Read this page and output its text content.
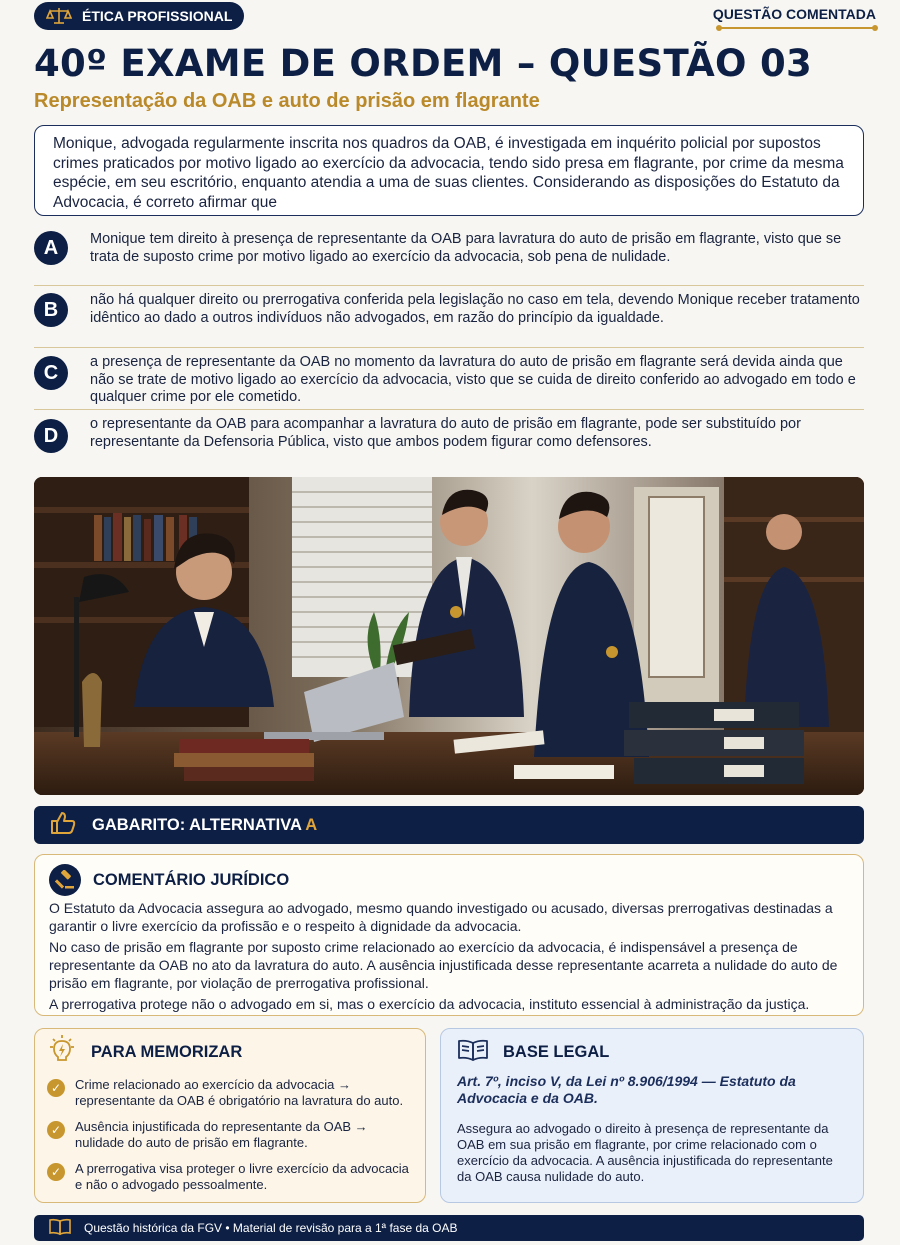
ÉTICA PROFISSIONAL	QUESTÃO COMENTADA
40º EXAME DE ORDEM – QUESTÃO 03
Representação da OAB e auto de prisão em flagrante
Monique, advogada regularmente inscrita nos quadros da OAB, é investigada em inquérito policial por supostos crimes praticados por motivo ligado ao exercício da advocacia, tendo sido presa em flagrante, por crime da mesma espécie, em seu escritório, enquanto atendia a uma de suas clientes. Considerando as disposições do Estatuto da Advocacia, é correto afirmar que
A	Monique tem direito à presença de representante da OAB para lavratura do auto de prisão em flagrante, visto que se trata de suposto crime por motivo ligado ao exercício da advocacia, sob pena de nulidade.
B	não há qualquer direito ou prerrogativa conferida pela legislação no caso em tela, devendo Monique receber tratamento idêntico ao dado a outros indivíduos não advogados, em razão do princípio da igualdade.
C	a presença de representante da OAB no momento da lavratura do auto de prisão em flagrante será devida ainda que não se trate de motivo ligado ao exercício da advocacia, visto que se cuida de direito conferido ao advogado em todo e qualquer crime por ele cometido.
D
o representante da OAB para acompanhar a lavratura do auto de prisão em flagrante, pode ser substituído por representante da Defensoria Pública, visto que ambos podem figurar como defensores.
GABARITO: ALTERNATIVA A
COMENTÁRIO JURÍDICO

O Estatuto da Advocacia assegura ao advogado, mesmo quando investigado ou acusado, diversas prerrogativas destinadas a garantir o livre exercício da profissão e o respeito à dignidade da advocacia.

No caso de prisão em flagrante por suposto crime relacionado ao exercício da advocacia, é indispensável a presença de representante da OAB no ato da lavratura do auto. A ausência injustificada desse representante acarreta a nulidade do auto de prisão em flagrante, por violação de prerrogativa profissional.

A prerrogativa protege não o advogado em si, mas o exercício da advocacia, instituto essencial à administração da justiça.

PARA MEMORIZAR
✓	Crime relacionado ao exercício da advocacia → representante da OAB é obrigatório na lavratura do auto.
✓	Ausência injustificada do representante da OAB → nulidade do auto de prisão em flagrante.
✓	A prerrogativa visa proteger o livre exercício da advocacia e não o advogado pessoalmente.
BASE LEGAL
Art. 7º, inciso V, da Lei nº 8.906/1994 — Estatuto da Advocacia e da OAB.
Assegura ao advogado o direito à presença de representante da OAB em sua prisão em flagrante, por crime relacionado com o exercício da advocacia. A ausência injustificada do representante da OAB causa nulidade do auto.
Questão histórica da FGV • Material de revisão para a 1ª fase da OAB
